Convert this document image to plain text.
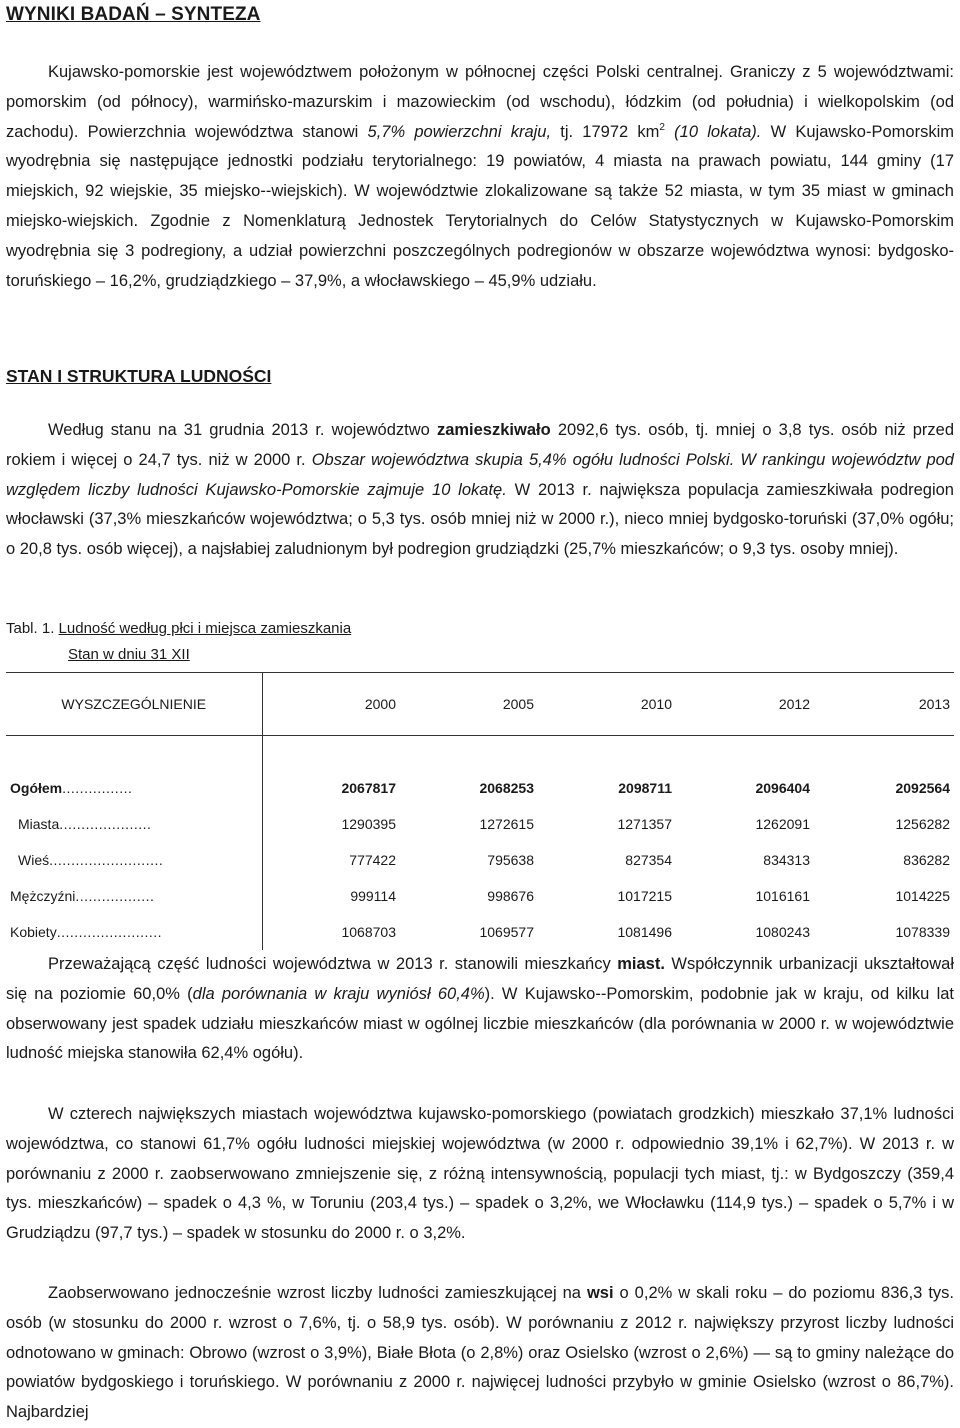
WYNIKI BADAŃ – SYNTEZA

Kujawsko-pomorskie jest województwem położonym w północnej części Polski centralnej. Graniczy z 5 województwami: pomorskim (od północy), warmińsko-mazurskim i mazowieckim (od wschodu), łódzkim (od południa) i wielkopolskim (od zachodu). Powierzchnia województwa stanowi 5,7% powierzchni kraju, tj. 17972 $km^2$ (10 lokata). W Kujawsko-Pomorskim wyodrębnia się następujące jednostki podziału terytorialnego: 19 powiatów, 4 miasta na prawach powiatu, 144 gminy (17 miejskich, 92 wiejskie, 35 miejsko-‑wiejskich). W województwie zlokalizowane są także 52 miasta, w tym 35 miast w gminach miejsko-wiejskich. Zgodnie z Nomenklaturą Jednostek Terytorialnych do Celów Statystycznych w Kujawsko-Pomorskim wyodrębnia się 3 podregiony, a udział powierzchni poszczególnych podregionów w obszarze województwa wynosi: bydgosko-toruńskiego – 16,2%, grudziądzkiego – 37,9%, a włocławskiego – 45,9% udziału.

STAN I STRUKTURA LUDNOŚCI

Według stanu na 31 grudnia 2013 r. województwo zamieszkiwało 2092,6 tys. osób, tj. mniej o 3,8 tys. osób niż przed rokiem i więcej o 24,7 tys. niż w 2000 r. Obszar województwa skupia 5,4% ogółu ludności Polski. W rankingu województw pod względem liczby ludności Kujawsko-Pomorskie zajmuje 10 lokatę. W 2013 r. największa populacja zamieszkiwała podregion włocławski (37,3% mieszkańców województwa; o 5,3 tys. osób mniej niż w 2000 r.), nieco mniej bydgosko-toruński (37,0% ogółu; o 20,8 tys. osób więcej), a najsłabiej zaludnionym był podregion grudziądzki (25,7% mieszkańców; o 9,3 tys. osoby mniej).

Tabl. 1. Ludność według płci i miejsca zamieszkania
Stan w dniu 31 XII
WYSZCZEGÓLNIENIE	2000	2005	2010	2012	2013

Ogółem................	2067817	2068253	2098711	2096404	2092564
Miasta.....................	1290395	1272615	1271357	1262091	1256282
Wieś..........................	777422	795638	827354	834313	836282
Mężczyźni..................	999114	998676	1017215	1016161	1014225
Kobiety........................	1068703	1069577	1081496	1080243	1078339

Przeważającą część ludności województwa w 2013 r. stanowili mieszkańcy miast. Współczynnik urbanizacji ukształtował się na poziomie 60,0% (dla porównania w kraju wyniósł 60,4%). W Kujawsko-‑Pomorskim, podobnie jak w kraju, od kilku lat obserwowany jest spadek udziału mieszkańców miast w ogólnej liczbie mieszkańców (dla porównania w 2000 r. w województwie ludność miejska stanowiła 62,4% ogółu).

W czterech największych miastach województwa kujawsko-pomorskiego (powiatach grodzkich) mieszkało 37,1% ludności województwa, co stanowi 61,7% ogółu ludności miejskiej województwa (w 2000 r. odpowiednio 39,1% i 62,7%). W 2013 r. w porównaniu z 2000 r. zaobserwowano zmniejszenie się, z różną intensywnością, populacji tych miast, tj.: w Bydgoszczy (359,4 tys. mieszkańców) – spadek o 4,3 %, w Toruniu (203,4 tys.) – spadek o 3,2%, we Włocławku (114,9 tys.) – spadek o 5,7% i w Grudziądzu (97,7 tys.) – spadek w stosunku do 2000 r. o 3,2%.

Zaobserwowano jednocześnie wzrost liczby ludności zamieszkującej na wsi o 0,2% w skali roku – do poziomu 836,3 tys. osób (w stosunku do 2000 r. wzrost o 7,6%, tj. o 58,9 tys. osób). W porównaniu z 2012 r. największy przyrost liczby ludności odnotowano w gminach: Obrowo (wzrost o 3,9%), Białe Błota (o 2,8%) oraz Osielsko (wzrost o 2,6%) — są to gminy należące do powiatów bydgoskiego i toruńskiego. W porównaniu z 2000 r. najwięcej ludności przybyło w gminie Osielsko (wzrost o 86,7%). Najbardziej
